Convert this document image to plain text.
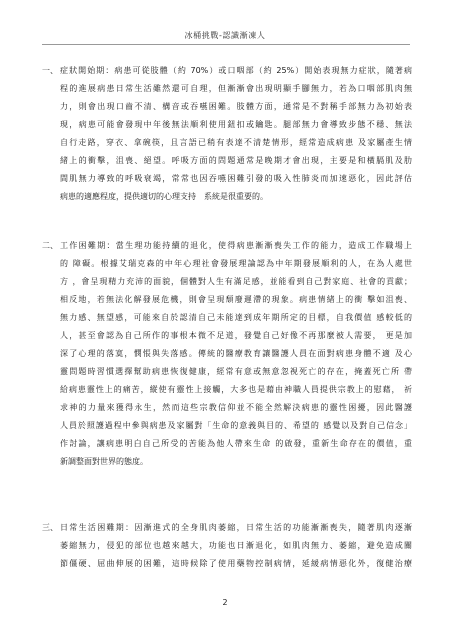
冰桶挑戰-認識漸凍人
一、 症狀開始期：病患可從肢體（約 70%）或口咽部（約 25%）開始表現無力症狀，隨著病
程的進展病患日常生活雖然還可自理，但漸漸會出現明顯手腳無力，若為口咽部肌肉無
力，則會出現口齒不清、構音或吞嚥困難。肢體方面，通常是不對稱手部無力為初始表
現，病患可能會發現中年後無法順利使用鈕扣或鑰匙。腿部無力會導致步態不穩、無法
自行走路，穿衣、拿碗筷，且言語已稍有表達不清楚情形，經常造成病患 及家屬產生情
緒上的衝擊，沮喪、絕望。呼吸方面的問題通常是晚期才會出現，主要是和橫膈肌及肋
間肌無力導致的呼吸衰竭，常常也因吞嚥困難引發的吸入性肺炎而加速惡化，因此評估
病患的適應程度，提供適切的心理支持　系統是很重要的。
二、 工作困難期：當生理功能持續的退化，使得病患漸漸喪失工作的能力，造成工作職場上
的 障礙。根據艾瑞克森的中年心理社會發展理論認為中年期發展順利的人，在為人處世
方 ，會呈現精力充沛的面貌，個體對人生有滿足感，並能看到自己對家庭、社會的貢獻；
相反地，若無法化解發展危機，則會呈現頹廢遲滯的現象。病患情緒上的衝 擊如沮喪、
無力感、無望感，可能來自於認清自己未能達到成年期所定的目標，自我價值 感較低的
人，甚至會認為自己所作的事根本微不足道，發覺自己好像不再那麼被人需要， 更是加
深了心理的落寞，憫悵與失落感。傳統的醫療教育讓醫護人員在面對病患身體不適 及心
靈問題時習慣選擇幫助病患恢復健康，經常有意或無意忽視死亡的存在，掩蓋死亡所 帶
給病患靈性上的痛苦，縱使有靈性上接觸，大多也是藉由神職人員提供宗教上的慰藉， 祈
求神的力量來獲得永生，然而這些宗教信仰並不能全然解決病患的靈性困擾，因此醫護
人員於照護過程中參與病患及家屬對「生命的意義與目的、希望的 感覺以及對自己信念」
作討論，讓病患明白自己所受的苦能為他人帶來生命 的啟發，重新生命存在的價值，重
新調整面對世界的態度。
三、 日常生活困難期：因漸進式的全身肌肉萎縮，日常生活的功能漸漸喪失，隨著肌肉逐漸
萎縮無力，侵犯的部位也越來越大，功能也日漸退化，如肌肉無力、萎縮，避免造成關
節僵硬、屈曲伸展的困難，這時候除了使用藥物控制病情，延緩病情惡化外，復健治療
2
